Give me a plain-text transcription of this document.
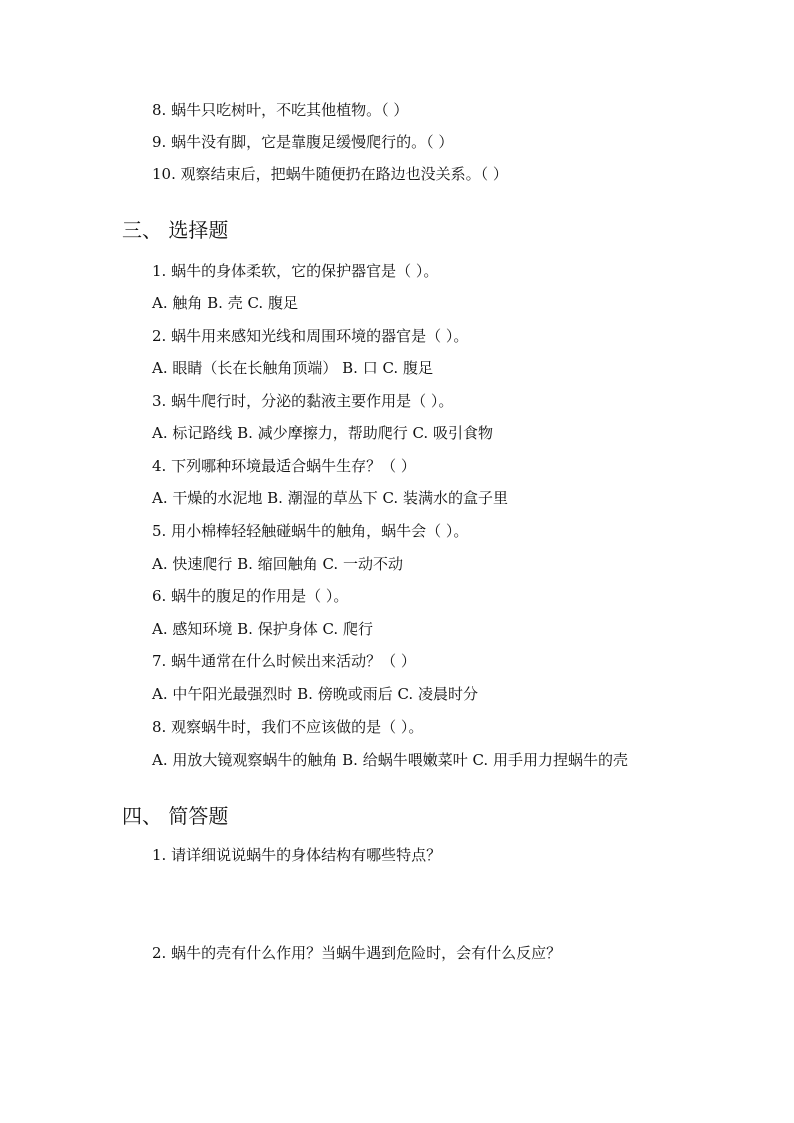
8. 蜗牛只吃树叶，不吃其他植物。（ ）
9. 蜗牛没有脚，它是靠腹足缓慢爬行的。（ ）
10. 观察结束后，把蜗牛随便扔在路边也没关系。（ ）
三、 选择题
1. 蜗牛的身体柔软，它的保护器官是（ ）。
A. 触角 B. 壳 C. 腹足
2. 蜗牛用来感知光线和周围环境的器官是（ ）。
A. 眼睛（长在长触角顶端） B. 口 C. 腹足
3. 蜗牛爬行时，分泌的黏液主要作用是（ ）。
A. 标记路线 B. 减少摩擦力，帮助爬行 C. 吸引食物
4. 下列哪种环境最适合蜗牛生存？（ ）
A. 干燥的水泥地 B. 潮湿的草丛下 C. 装满水的盒子里
5. 用小棉棒轻轻触碰蜗牛的触角，蜗牛会（ ）。
A. 快速爬行 B. 缩回触角 C. 一动不动
6. 蜗牛的腹足的作用是（ ）。
A. 感知环境 B. 保护身体 C. 爬行
7. 蜗牛通常在什么时候出来活动？（ ）
A. 中午阳光最强烈时 B. 傍晚或雨后 C. 凌晨时分
8. 观察蜗牛时，我们不应该做的是（ ）。
A. 用放大镜观察蜗牛的触角 B. 给蜗牛喂嫩菜叶 C. 用手用力捏蜗牛的壳
四、 简答题
1. 请详细说说蜗牛的身体结构有哪些特点？
2. 蜗牛的壳有什么作用？当蜗牛遇到危险时，会有什么反应？
